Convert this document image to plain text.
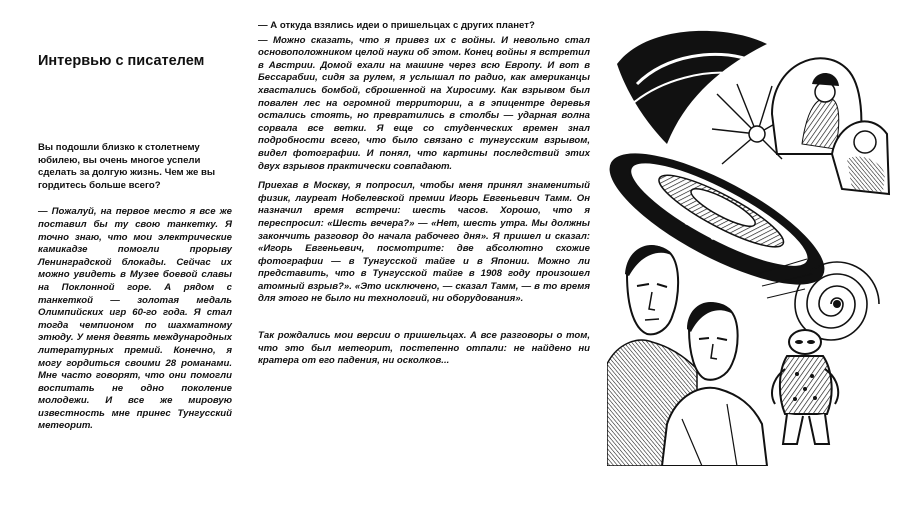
Интервью с писателем

Вы подошли близко к столетнему юбилею, вы очень многое успели сделать за долгую жизнь. Чем же вы гордитесь больше всего?

— Пожалуй, на первое место я все же поставил бы ту свою танкетку. Я точно знаю, что мои электрические камикадзе помогли прорыву Ленинградской блокады. Сейчас их можно увидеть в Музее боевой славы на Поклонной горе. А рядом с танкеткой — золотая медаль Олимпийских игр 60-го года. Я стал тогда чемпионом по шахматному этюду. У меня девять международных литературных премий. Конечно, я могу гордиться своими 28 романами. Мне часто говорят, что они помогли воспитать не одно поколение молодежи. И все же мировую известность мне принес Тунгусский метеорит.

— А откуда взялись идеи о пришельцах с других планет?

— Можно сказать, что я привез их с войны. И невольно стал основоположником целой науки об этом. Конец войны я встретил в Австрии. Домой ехали на машине через всю Европу. И вот в Бессарабии, сидя за рулем, я услышал по радио, как американцы хвастались бомбой, сброшенной на Хиросиму. Как взрывом был повален лес на огромной территории, а в эпицентре деревья остались стоять, но превратились в столбы — ударная волна сорвала все ветки. Я еще со студенческих времен знал подробности всего, что было связано с тунгусским взрывом, видел фотографии. И понял, что картины последствий этих двух взрывов практически совпадают.

Приехав в Москву, я попросил, чтобы меня принял знаменитый физик, лауреат Нобелевской премии Игорь Евгеньевич Тамм. Он назначил время встречи: шесть часов. Хорошо, что я переспросил: «Шесть вечера?» — «Нет, шесть утра. Мы должны закончить разговор до начала рабочего дня». Я пришел и сказал: «Игорь Евгеньевич, посмотрите: две абсолютно схожие фотографии — в Тунгусской тайге и в Японии. Можно ли представить, что в Тунгусской тайге в 1908 году произошел атомный взрыв?». «Это исключено, — сказал Тамм, — в то время для этого не было ни технологий, ни оборудования».

Так рождались мои версии о пришельцах. А все разговоры о том, что это был метеорит, постепенно отпали: не найдено ни кратера от его падения, ни осколков...
